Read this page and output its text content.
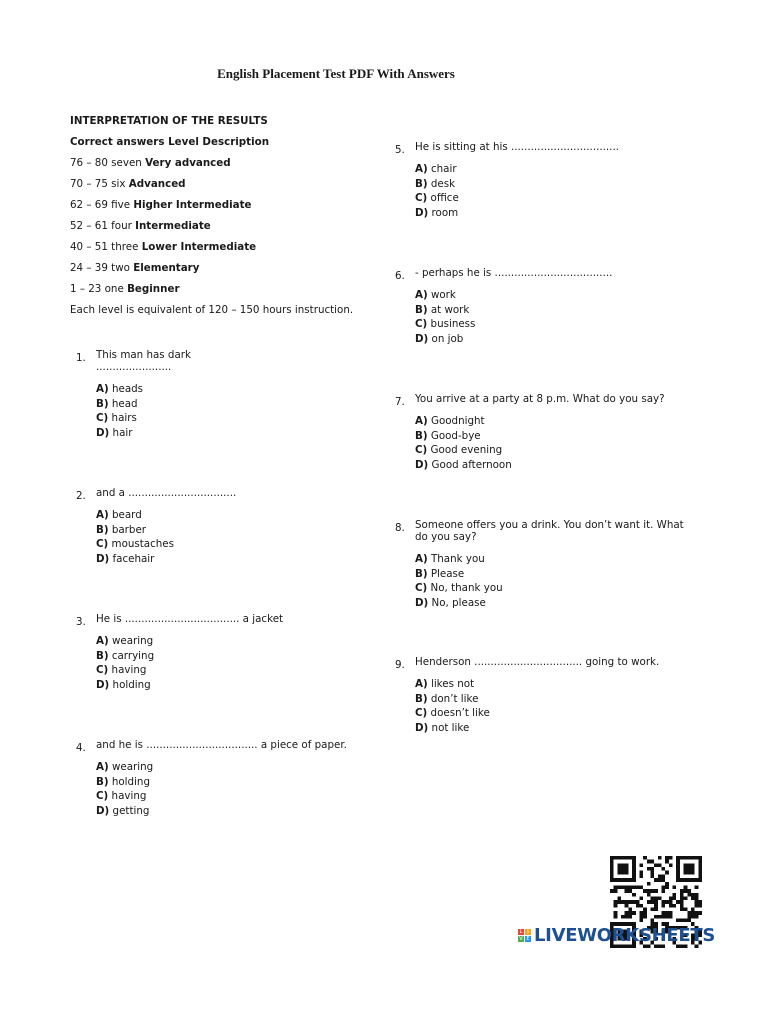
English Placement Test PDF With Answers
INTERPRETATION OF THE RESULTS
Correct answers Level Description
76 – 80 seven Very advanced
70 – 75 six Advanced
62 – 69 five Higher Intermediate
52 – 61 four Intermediate
40 – 51 three Lower Intermediate
24 – 39 two Elementary
1 – 23 one Beginner
Each level is equivalent of 120 – 150 hours instruction.
1. This man has dark .......................
A) heads
B) head
C) hairs
D) hair
2. and a .................................
A) beard
B) barber
C) moustaches
D) facehair
3. He is ................................... a jacket
A) wearing
B) carrying
C) having
D) holding
4. and he is .................................. a piece of paper.
A) wearing
B) holding
C) having
D) getting
5. He is sitting at his .................................
A) chair
B) desk
C) office
D) room
6. - perhaps he is ....................................
A) work
B) at work
C) business
D) on job
7. You arrive at a party at 8 p.m. What do you say?
A) Goodnight
B) Good-bye
C) Good evening
D) Good afternoon
8. Someone offers you a drink. You don’t want it. What do you say?
A) Thank you
B) Please
C) No, thank you
D) No, please
9. Henderson ................................. going to work.
A) likes not
B) don’t like
C) doesn’t like
D) not like
L I
V E LIVEWORKSHEETS
